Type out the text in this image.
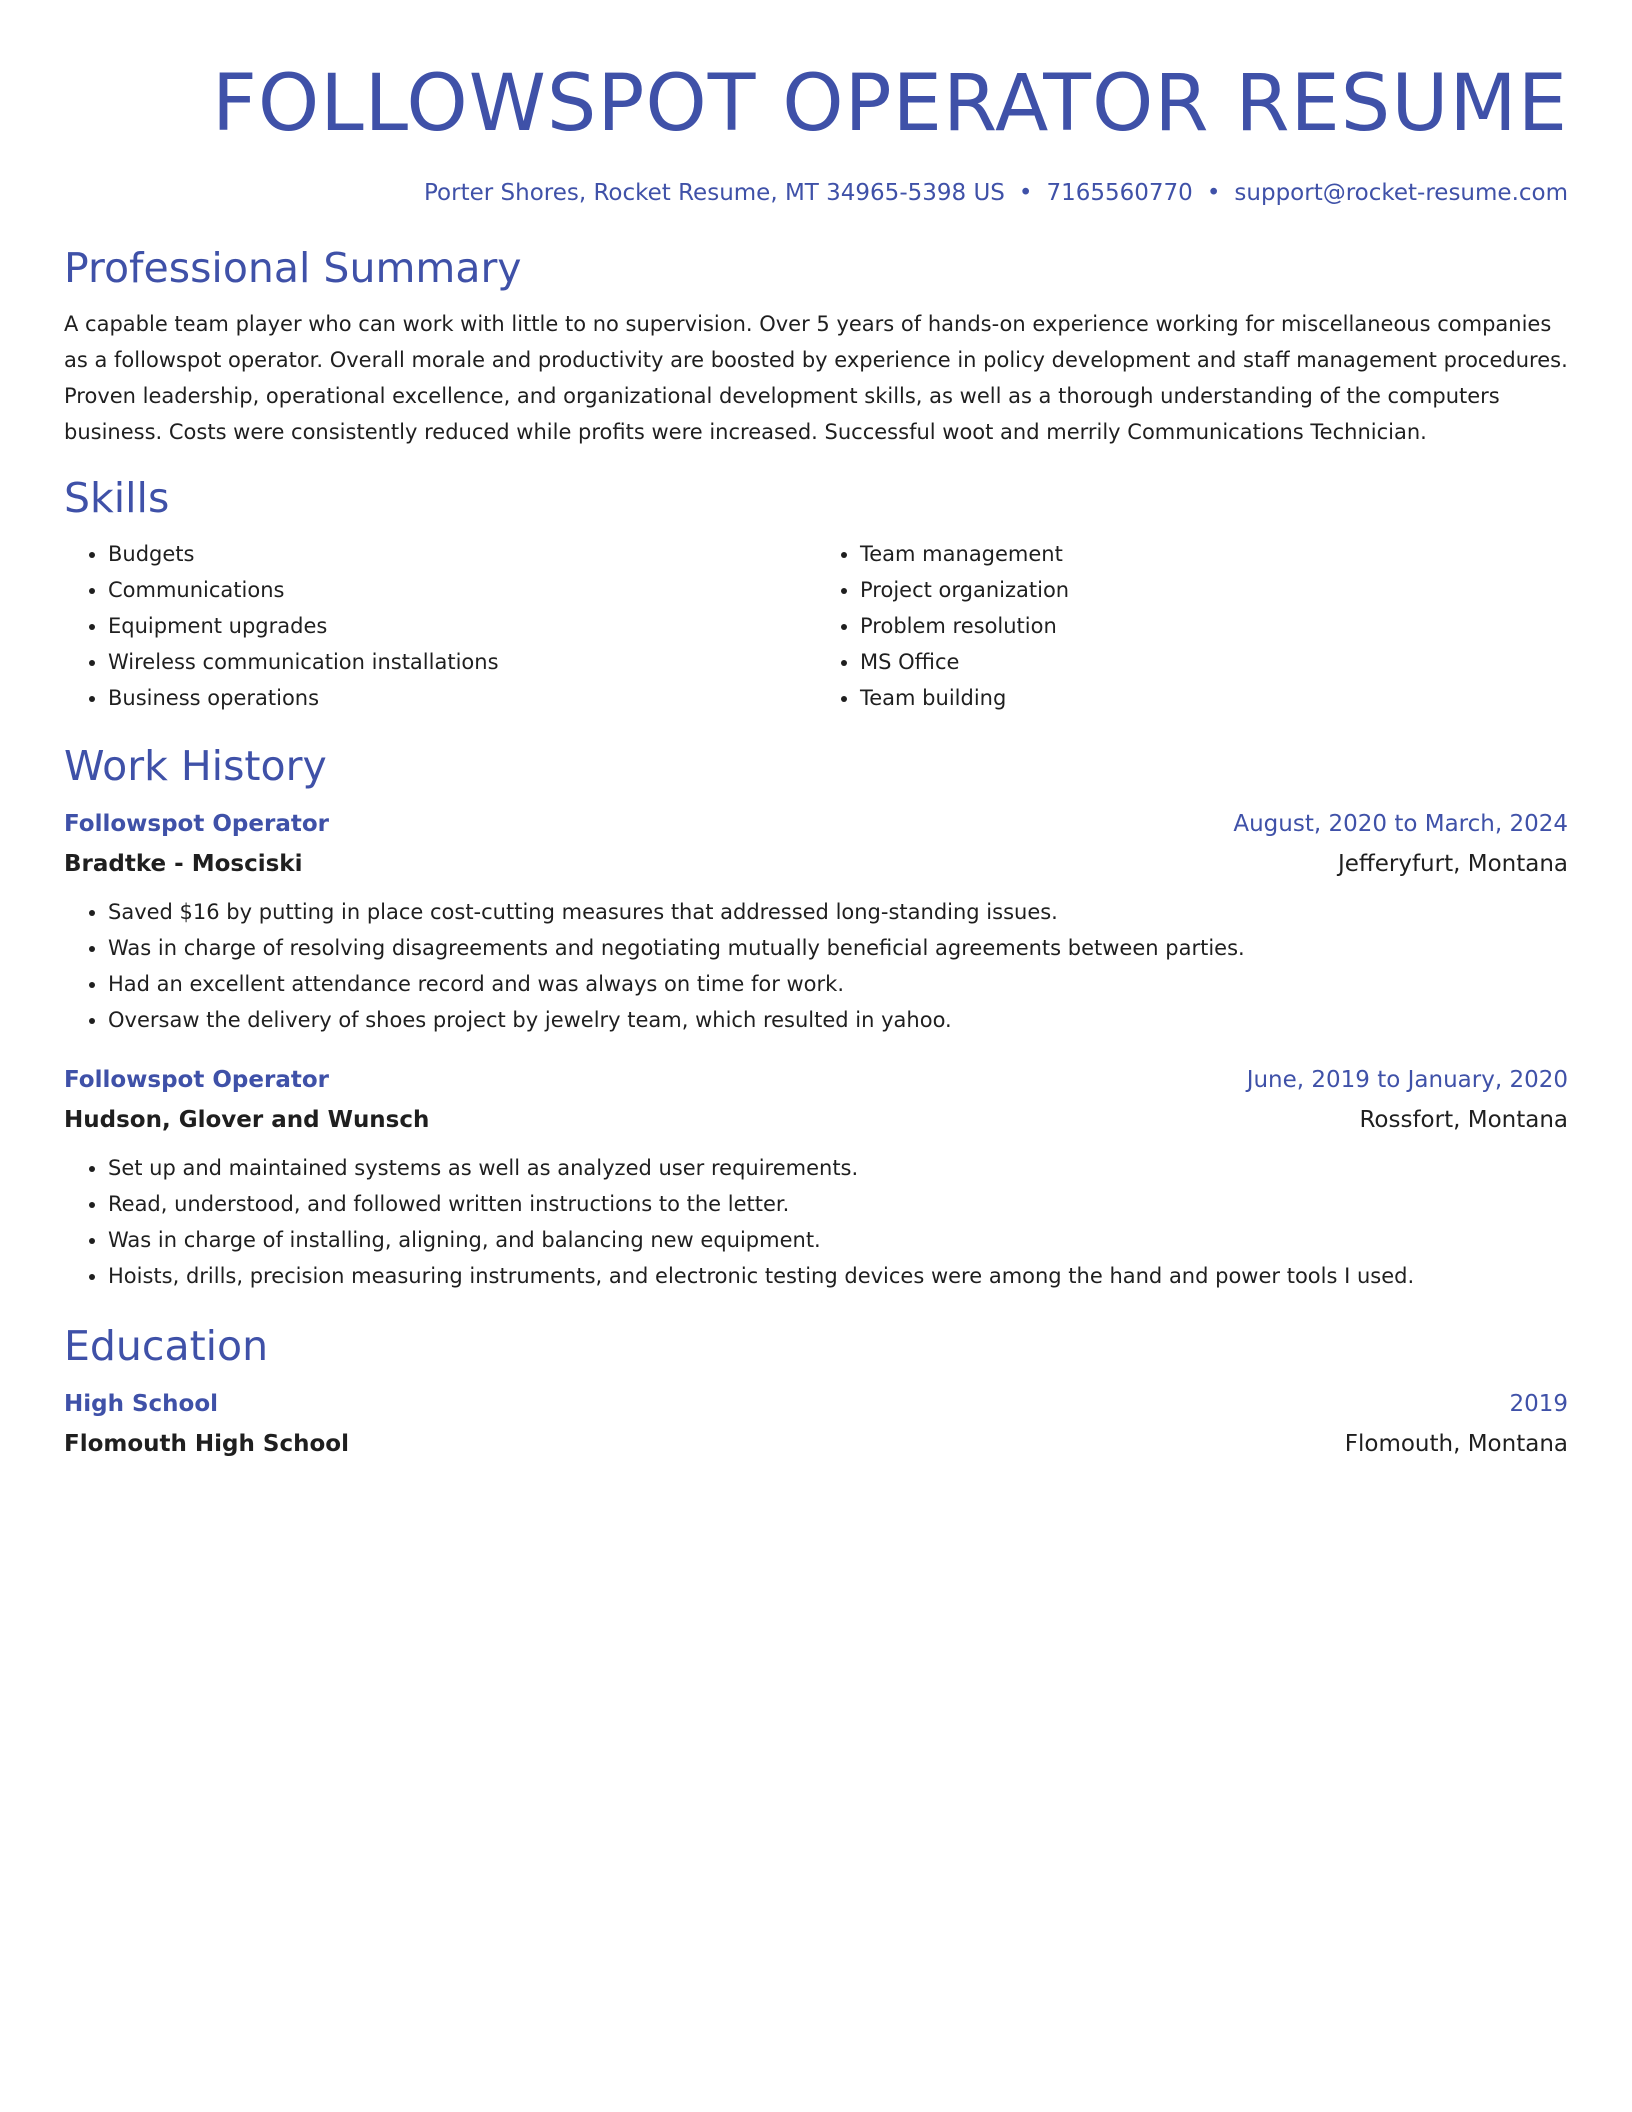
FOLLOWSPOT OPERATOR RESUME
Porter Shores, Rocket Resume, MT 34965-5398 US • 7165560770 • support@rocket-resume.com
Professional Summary
A capable team player who can work with little to no supervision. Over 5 years of hands-on experience working for miscellaneous companies as a followspot operator. Overall morale and productivity are boosted by experience in policy development and staff management procedures. Proven leadership, operational excellence, and organizational development skills, as well as a thorough understanding of the computers business. Costs were consistently reduced while profits were increased. Successful woot and merrily Communications Technician.
Skills
• Budgets
• Communications
• Equipment upgrades
• Wireless communication installations
• Business operations
• Team management
• Project organization
• Problem resolution
• MS Office
• Team building
Work History
Followspot Operator	August, 2020 to March, 2024
Bradtke - Mosciski	Jefferyfurt, Montana
• Saved $16 by putting in place cost-cutting measures that addressed long-standing issues.
• Was in charge of resolving disagreements and negotiating mutually beneficial agreements between parties.
• Had an excellent attendance record and was always on time for work.
• Oversaw the delivery of shoes project by jewelry team, which resulted in yahoo.
Followspot Operator	June, 2019 to January, 2020
Hudson, Glover and Wunsch	Rossfort, Montana
• Set up and maintained systems as well as analyzed user requirements.
• Read, understood, and followed written instructions to the letter.
• Was in charge of installing, aligning, and balancing new equipment.
• Hoists, drills, precision measuring instruments, and electronic testing devices were among the hand and power tools I used.
Education
High School	2019
Flomouth High School	Flomouth, Montana
